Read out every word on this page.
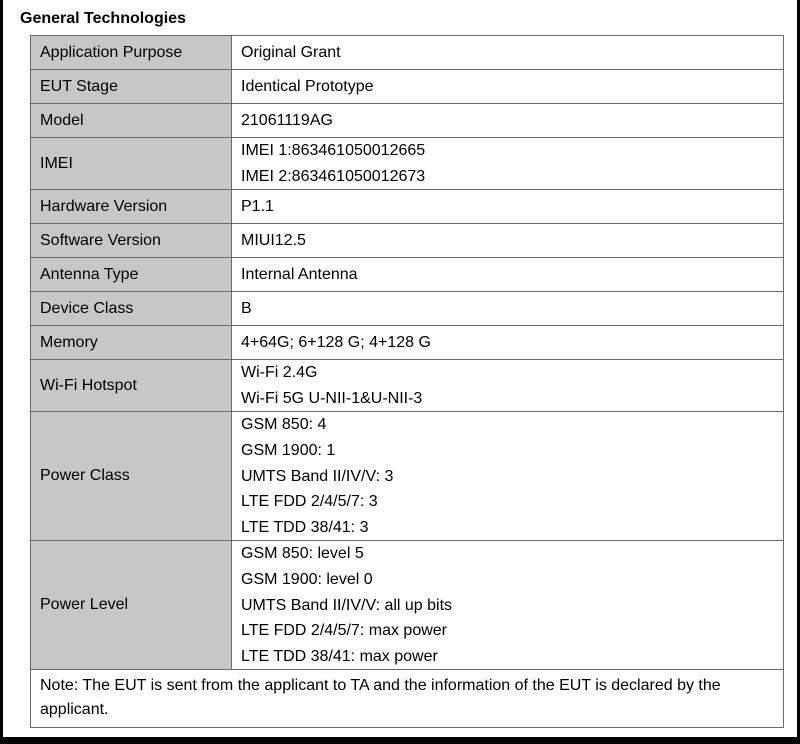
General Technologies
Application Purpose	Original Grant
EUT Stage	Identical Prototype
Model	21061119AG
IMEI	IMEI 1:863461050012665
IMEI 2:863461050012673

Hardware Version	P1.1
Software Version	MIUI12.5
Antenna Type	Internal Antenna
Device Class	B
Memory	4+64G; 6+128 G; 4+128 G
Wi-Fi Hotspot	Wi-Fi 2.4G
Wi-Fi 5G U-NII-1&U-NII-3

Power Class	GSM 850: 4
GSM 1900: 1
UMTS Band II/IV/V: 3
LTE FDD 2/4/5/7: 3
LTE TDD 38/41: 3

Power Level	GSM 850: level 5
GSM 1900: level 0
UMTS Band II/IV/V: all up bits
LTE FDD 2/4/5/7: max power
LTE TDD 38/41: max power

Note: The EUT is sent from the applicant to TA and the information of the EUT is declared by the applicant.	
